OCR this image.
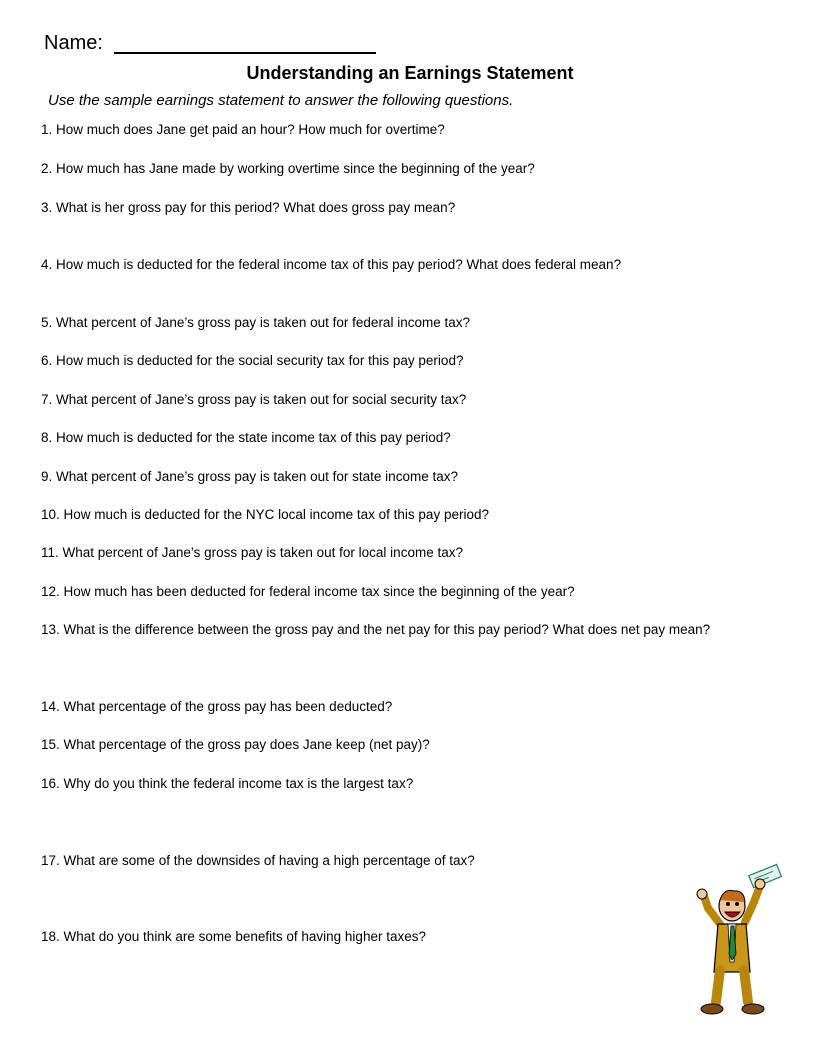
Name:
Understanding an Earnings Statement
Use the sample earnings statement to answer the following questions.
1. How much does Jane get paid an hour? How much for overtime?
2. How much has Jane made by working overtime since the beginning of the year?
3. What is her gross pay for this period? What does gross pay mean?
4. How much is deducted for the federal income tax of this pay period? What does federal mean?
5. What percent of Jane’s gross pay is taken out for federal income tax?
6. How much is deducted for the social security tax for this pay period?
7. What percent of Jane’s gross pay is taken out for social security tax?
8. How much is deducted for the state income tax of this pay period?
9. What percent of Jane’s gross pay is taken out for state income tax?
10. How much is deducted for the NYC local income tax of this pay period?
11. What percent of Jane’s gross pay is taken out for local income tax?
12. How much has been deducted for federal income tax since the beginning of the year?
13. What is the difference between the gross pay and the net pay for this pay period? What does net pay mean?
14. What percentage of the gross pay has been deducted?
15. What percentage of the gross pay does Jane keep (net pay)?
16. Why do you think the federal income tax is the largest tax?
17. What are some of the downsides of having a high percentage of tax?
18. What do you think are some benefits of having higher taxes?
